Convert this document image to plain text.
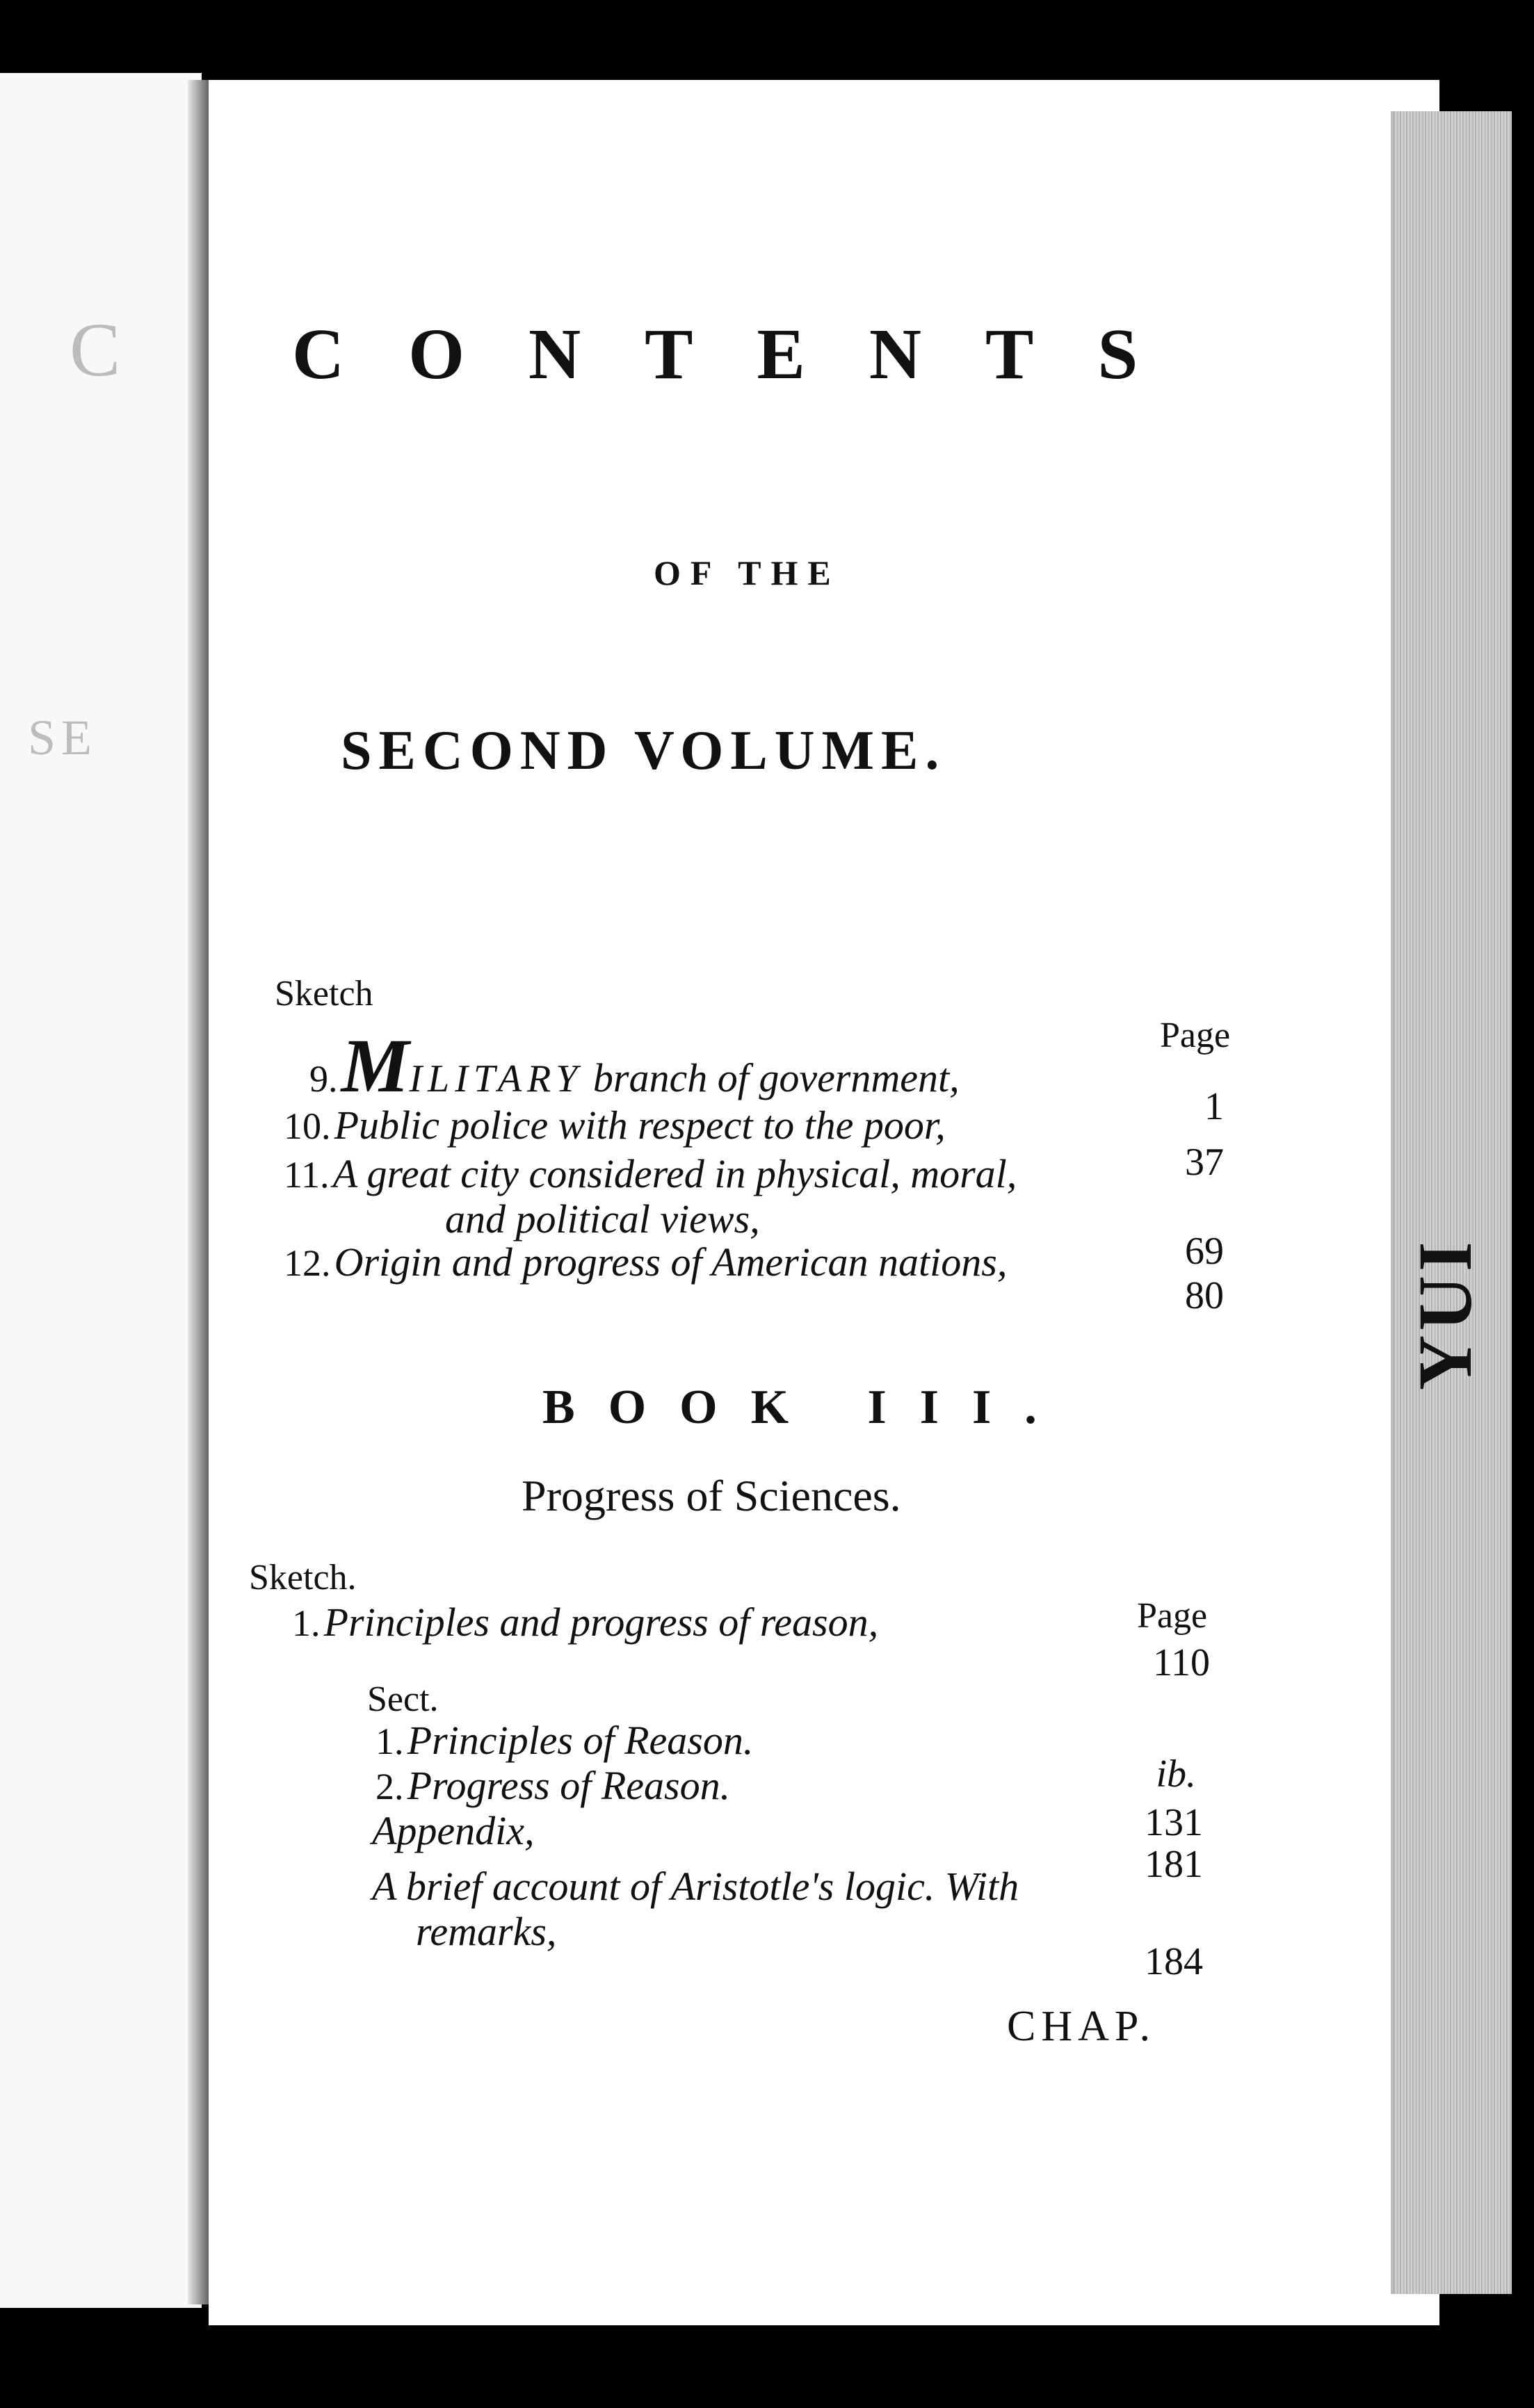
C
SE
YUI
CONTENTS
OF THE
SECOND VOLUME.
Sketch
Page
9. MILITARY branch of government,
1
10. Public police with respect to the poor,
37
11. A great city considered in physical, moral,
and political views,
69
12. Origin and progress of American nations,
80
BOOK III.
Progress of Sciences.
Sketch.
Page
1. Principles and progress of reason,
110
Sect.
1. Principles of Reason.
ib.
2. Progress of Reason.
131
Appendix,
181
A brief account of Aristotle's logic. With
remarks,
184
CHAP.
